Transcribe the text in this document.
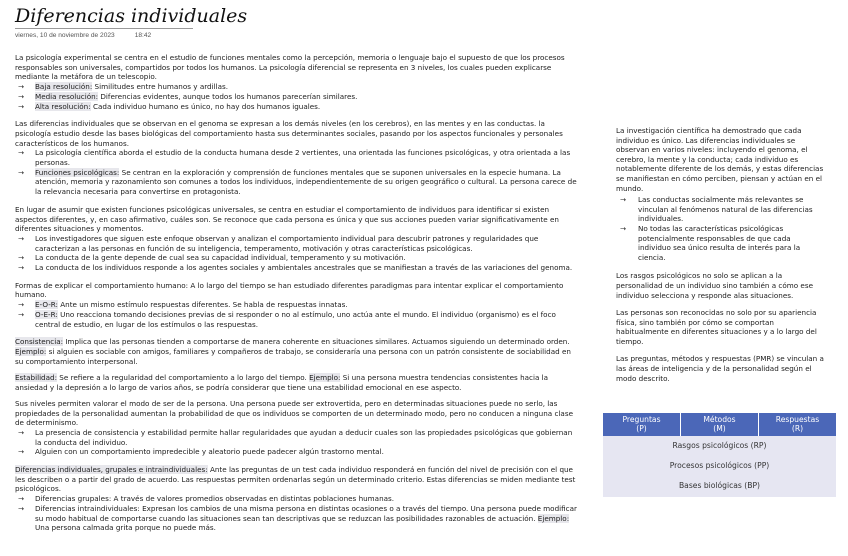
Diferencias individuales
viernes, 10 de noviembre de 2023	18:42

La psicología experimental se centra en el estudio de funciones mentales como la percepción, memoria o lenguaje bajo el supuesto de que los procesos responsables son universales, compartidos por todos los humanos. La psicología diferencial se representa en 3 niveles, los cuales pueden explicarse mediante la metáfora de un telescopio.

→ Baja resolución: Similitudes entre humanos y ardillas.
→ Media resolución: Diferencias evidentes, aunque todos los humanos parecerían similares.
→ Alta resolución: Cada individuo humano es único, no hay dos humanos iguales.

Las diferencias individuales que se observan en el genoma se expresan a los demás niveles (en los cerebros), en las mentes y en las conductas. la psicología estudio desde las bases biológicas del comportamiento hasta sus determinantes sociales, pasando por los aspectos funcionales y personales característicos de los humanos.

→ La psicología científica aborda el estudio de la conducta humana desde 2 vertientes, una orientada las funciones psicológicas, y otra orientada a las personas.
→ Funciones psicológicas: Se centran en la exploración y comprensión de funciones mentales que se suponen universales en la especie humana. La atención, memoria y razonamiento son comunes a todos los individuos, independientemente de su origen geográfico o cultural. La persona carece de la relevancia necesaria para convertirse en protagonista.

En lugar de asumir que existen funciones psicológicas universales, se centra en estudiar el comportamiento de individuos para identificar si existen aspectos diferentes, y, en caso afirmativo, cuáles son. Se reconoce que cada persona es única y que sus acciones pueden variar significativamente en diferentes situaciones y momentos.

→ Los investigadores que siguen este enfoque observan y analizan el comportamiento individual para descubrir patrones y regularidades que caracterizan a las personas en función de su inteligencia, temperamento, motivación y otras características psicológicas.
→ La conducta de la gente depende de cual sea su capacidad individual, temperamento y su motivación.
→ La conducta de los individuos responde a los agentes sociales y ambientales ancestrales que se manifiestan a través de las variaciones del genoma.

Formas de explicar el comportamiento humano: A lo largo del tiempo se han estudiado diferentes paradigmas para intentar explicar el comportamiento humano.

→ E-O-R: Ante un mismo estímulo respuestas diferentes. Se habla de respuestas innatas.
→ O-E-R: Uno reacciona tomando decisiones previas de si responder o no al estímulo, uno actúa ante el mundo. El individuo (organismo) es el foco central de estudio, en lugar de los estímulos o las respuestas.

Consistencia: Implica que las personas tienden a comportarse de manera coherente en situaciones similares. Actuamos siguiendo un determinado orden. Ejemplo: si alguien es sociable con amigos, familiares y compañeros de trabajo, se consideraría una persona con un patrón consistente de sociabilidad en su comportamiento interpersonal.

Estabilidad: Se refiere a la regularidad del comportamiento a lo largo del tiempo. Ejemplo: Si una persona muestra tendencias consistentes hacia la ansiedad y la depresión a lo largo de varios años, se podría considerar que tiene una estabilidad emocional en ese aspecto.

Sus niveles permiten valorar el modo de ser de la persona. Una persona puede ser extrovertida, pero en determinadas situaciones puede no serlo, las propiedades de la personalidad aumentan la probabilidad de que os individuos se comporten de un determinado modo, pero no conducen a ninguna clase de determinismo.

→ La presencia de consistencia y estabilidad permite hallar regularidades que ayudan a deducir cuales son las propiedades psicológicas que gobiernan la conducta del individuo.
→ Alguien con un comportamiento impredecible y aleatorio puede padecer algún trastorno mental.

Diferencias individuales, grupales e intraindividuales: Ante las preguntas de un test cada individuo responderá en función del nivel de precisión con el que les describen o a partir del grado de acuerdo. Las respuestas permiten ordenarlas según un determinado criterio. Estas diferencias se miden mediante test psicológicos.

→ Diferencias grupales: A través de valores promedios observadas en distintas poblaciones humanas.
→ Diferencias intraindividuales: Expresan los cambios de una misma persona en distintas ocasiones o a través del tiempo. Una persona puede modificar su modo habitual de comportarse cuando las situaciones sean tan descriptivas que se reduzcan las posibilidades razonables de actuación. Ejemplo: Una persona calmada grita porque no puede más.

La investigación científica ha demostrado que cada individuo es único. Las diferencias individuales se observan en varios niveles: incluyendo el genoma, el cerebro, la mente y la conducta; cada individuo es notablemente diferente de los demás, y estas diferencias se manifiestan en cómo perciben, piensan y actúan en el mundo.

→ Las conductas socialmente más relevantes se vinculan al fenómenos natural de las diferencias individuales.
→ No todas las características psicológicas potencialmente responsables de que cada individuo sea único resulta de interés para la ciencia.

Los rasgos psicológicos no solo se aplican a la personalidad de un individuo sino también a cómo ese individuo selecciona y responde alas situaciones.

Las personas son reconocidas no solo por su apariencia física, sino también por cómo se comportan habitualmente en diferentes situaciones y a lo largo del tiempo.

Las preguntas, métodos y respuestas (PMR) se vinculan a las áreas de inteligencia y de la personalidad según el modo descrito.

Preguntas
(P)
Métodos
(M)
Respuestas
(R)
Rasgos psicológicos (RP)
Procesos psicológicos (PP)
Bases biológicas (BP)
